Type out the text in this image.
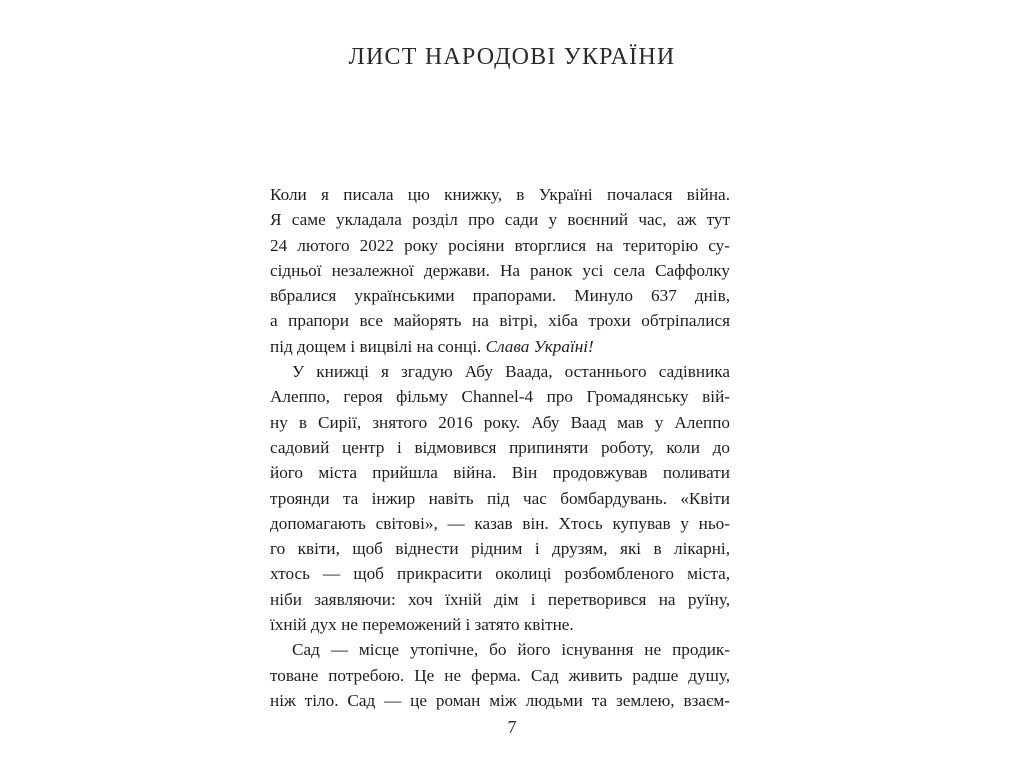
ЛИСТ НАРОДОВІ УКРАЇНИ
Коли я писала цю книжку, в Україні почалася війна.
Я саме укладала розділ про сади у воєнний час, аж тут
24 лютого 2022 року росіяни вторглися на територію су-
сідньої незалежної держави. На ранок усі села Саффолку
вбралися українськими прапорами. Минуло 637 днів,
а прапори все майорять на вітрі, хіба трохи обтріпалися
під дощем і вицвілі на сонці. Слава Україні!
У книжці я згадую Абу Ваада, останнього садівника
Алеппо, героя фільму Channel-4 про Громадянську вій-
ну в Сирії, знятого 2016 року. Абу Ваад мав у Алеппо
садовий центр і відмовився припиняти роботу, коли до
його міста прийшла війна. Він продовжував поливати
троянди та інжир навіть під час бомбардувань. «Квіти
допомагають світові», — казав він. Хтось купував у ньо-
го квіти, щоб віднести рідним і друзям, які в лікарні,
хтось — щоб прикрасити околиці розбомбленого міста,
ніби заявляючи: хоч їхній дім і перетворився на руїну,
їхній дух не переможений і затято квітне.
Сад — місце утопічне, бо його існування не продик-
товане потребою. Це не ферма. Сад живить радше душу,
ніж тіло. Сад — це роман між людьми та землею, взаєм-
7
